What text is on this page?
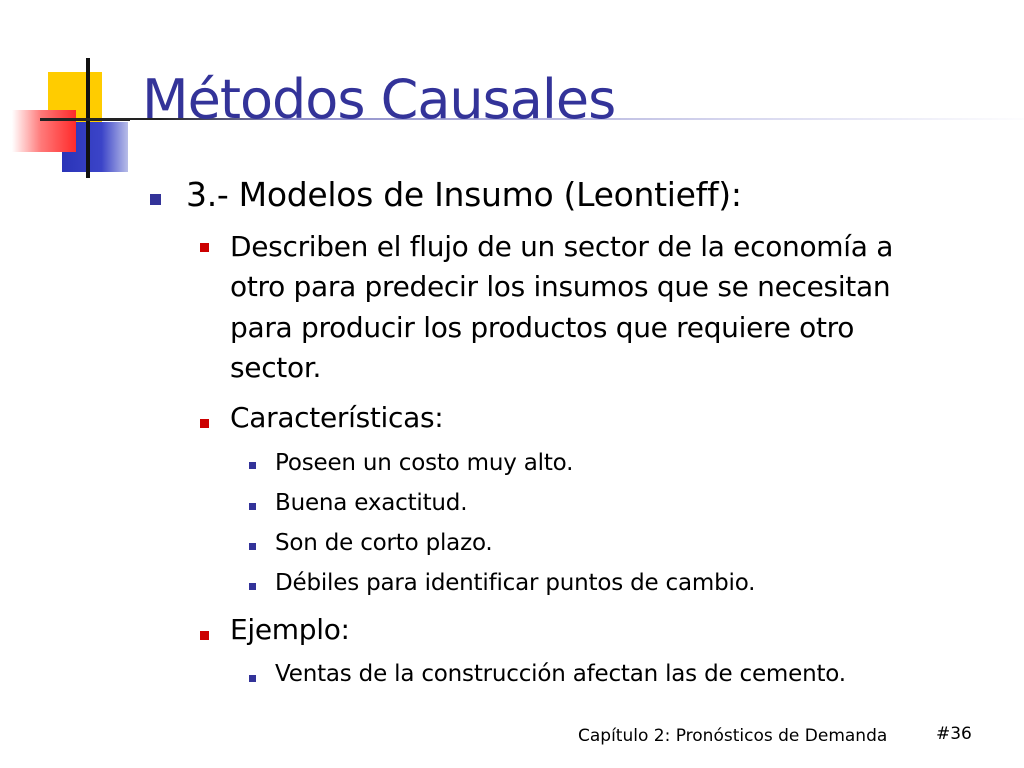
Métodos Causales
3.- Modelos de Insumo (Leontieff):
Describen el flujo de un sector de la economía a
otro para predecir los insumos que se necesitan
para producir los productos que requiere otro
sector.
Características:
Poseen un costo muy alto.
Buena exactitud.
Son de corto plazo.
Débiles para identificar puntos de cambio.
Ejemplo:
Ventas de la construcción afectan las de cemento.
Capítulo 2: Pronósticos de Demanda	#36
